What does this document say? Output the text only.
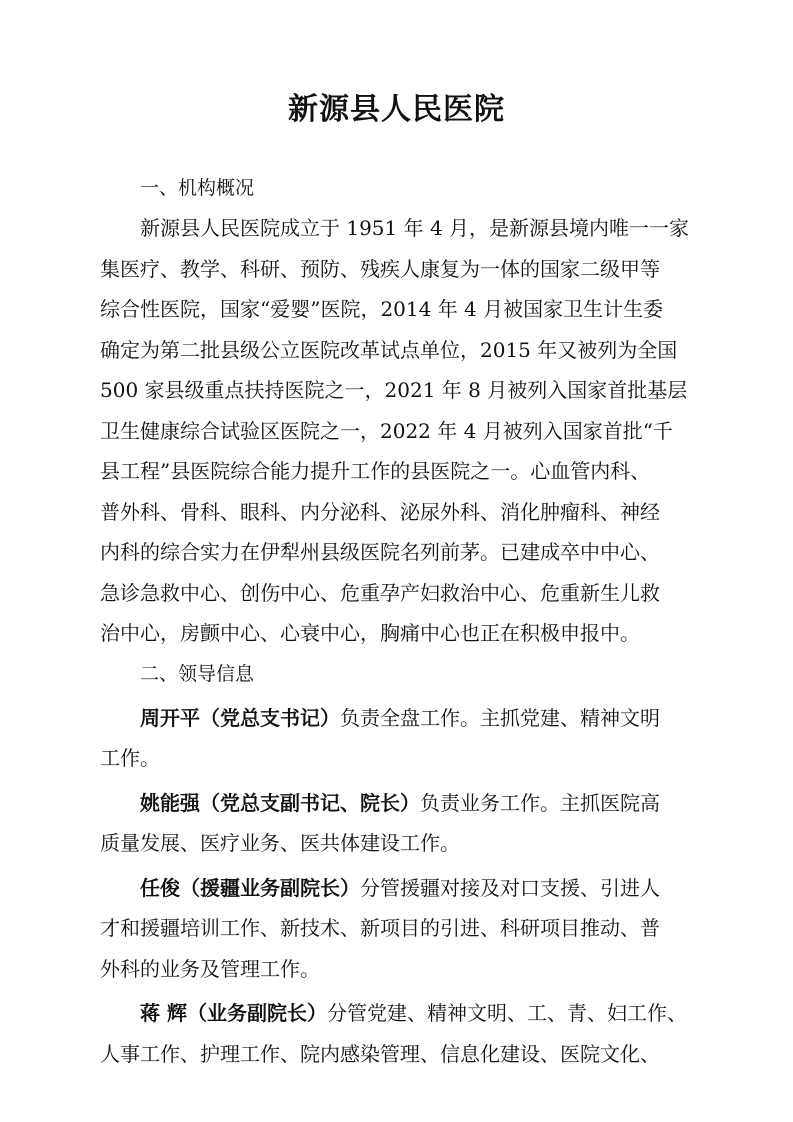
新源县人民医院

一、机构概况

新源县人民医院成立于 1951 年 4 月，是新源县境内唯一一家
集医疗、教学、科研、预防、残疾人康复为一体的国家二级甲等
综合性医院，国家“爱婴”医院，2014 年 4 月被国家卫生计生委
确定为第二批县级公立医院改革试点单位，2015 年又被列为全国
500 家县级重点扶持医院之一，2021 年 8 月被列入国家首批基层
卫生健康综合试验区医院之一，2022 年 4 月被列入国家首批“千
县工程”县医院综合能力提升工作的县医院之一。心血管内科、
普外科、骨科、眼科、内分泌科、泌尿外科、消化肿瘤科、神经
内科的综合实力在伊犁州县级医院名列前茅。已建成卒中中心、
急诊急救中心、创伤中心、危重孕产妇救治中心、危重新生儿救
治中心，房颤中心、心衰中心，胸痛中心也正在积极申报中。

二、领导信息

周开平（党总支书记）负责全盘工作。主抓党建、精神文明
工作。
姚能强（党总支副书记、院长）负责业务工作。主抓医院高
质量发展、医疗业务、医共体建设工作。
任俊（援疆业务副院长）分管援疆对接及对口支援、引进人
才和援疆培训工作、新技术、新项目的引进、科研项目推动、普
外科的业务及管理工作。
蒋 辉（业务副院长）分管党建、精神文明、工、青、妇工作、
人事工作、护理工作、院内感染管理、信息化建设、医院文化、
